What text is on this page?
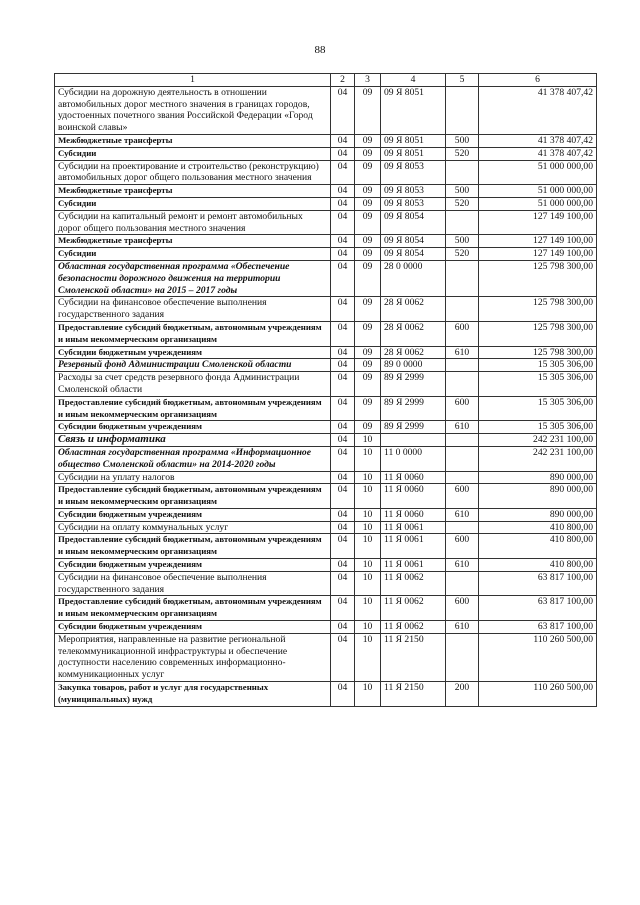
88
1	2	3	4	5	6
Субсидии на дорожную деятельность в отношении автомобильных дорог местного значения в границах городов, удостоенных почетного звания Российской Федерации «Город воинской славы»	04	09	09 Я 8051		41 378 407,42
Межбюджетные трансферты	04	09	09 Я 8051	500	41 378 407,42
Субсидии	04	09	09 Я 8051	520	41 378 407,42
Субсидии на проектирование и строительство (реконструкцию) автомобильных дорог общего пользования местного значения	04	09	09 Я 8053		51 000 000,00
Межбюджетные трансферты	04	09	09 Я 8053	500	51 000 000,00
Субсидии	04	09	09 Я 8053	520	51 000 000,00
Субсидии на капитальный ремонт и ремонт автомобильных дорог общего пользования местного значения	04	09	09 Я 8054		127 149 100,00
Межбюджетные трансферты	04	09	09 Я 8054	500	127 149 100,00
Субсидии	04	09	09 Я 8054	520	127 149 100,00
Областная государственная программа «Обеспечение безопасности дорожного движения на территории Смоленской области» на 2015 – 2017 годы	04	09	28 0 0000		125 798 300,00
Субсидии на финансовое обеспечение выполнения государственного задания	04	09	28 Я 0062		125 798 300,00
Предоставление субсидий бюджетным, автономным учреждениям и иным некоммерческим организациям	04	09	28 Я 0062	600	125 798 300,00
Субсидии бюджетным учреждениям	04	09	28 Я 0062	610	125 798 300,00
Резервный фонд Администрации Смоленской области	04	09	89 0 0000		15 305 306,00
Расходы за счет средств резервного фонда Администрации Смоленской области	04	09	89 Я 2999		15 305 306,00
Предоставление субсидий бюджетным, автономным учреждениям и иным некоммерческим организациям	04	09	89 Я 2999	600	15 305 306,00
Субсидии бюджетным учреждениям	04	09	89 Я 2999	610	15 305 306,00
Связь и информатика	04	10			242 231 100,00
Областная государственная программа «Информационное общество Смоленской области» на 2014-2020 годы	04	10	11 0 0000		242 231 100,00
Субсидии на уплату налогов	04	10	11 Я 0060		890 000,00
Предоставление субсидий бюджетным, автономным учреждениям и иным некоммерческим организациям	04	10	11 Я 0060	600	890 000,00
Субсидии бюджетным учреждениям	04	10	11 Я 0060	610	890 000,00
Субсидии на оплату коммунальных услуг	04	10	11 Я 0061		410 800,00
Предоставление субсидий бюджетным, автономным учреждениям и иным некоммерческим организациям	04	10	11 Я 0061	600	410 800,00
Субсидии бюджетным учреждениям	04	10	11 Я 0061	610	410 800,00
Субсидии на финансовое обеспечение выполнения государственного задания	04	10	11 Я 0062		63 817 100,00
Предоставление субсидий бюджетным, автономным учреждениям и иным некоммерческим организациям	04	10	11 Я 0062	600	63 817 100,00
Субсидии бюджетным учреждениям	04	10	11 Я 0062	610	63 817 100,00
Мероприятия, направленные на развитие региональной телекоммуникационной инфраструктуры и обеспечение доступности населению современных информационно-коммуникационных услуг	04	10	11 Я 2150		110 260 500,00
Закупка товаров, работ и услуг для государственных (муниципальных) нужд	04	10	11 Я 2150	200	110 260 500,00
